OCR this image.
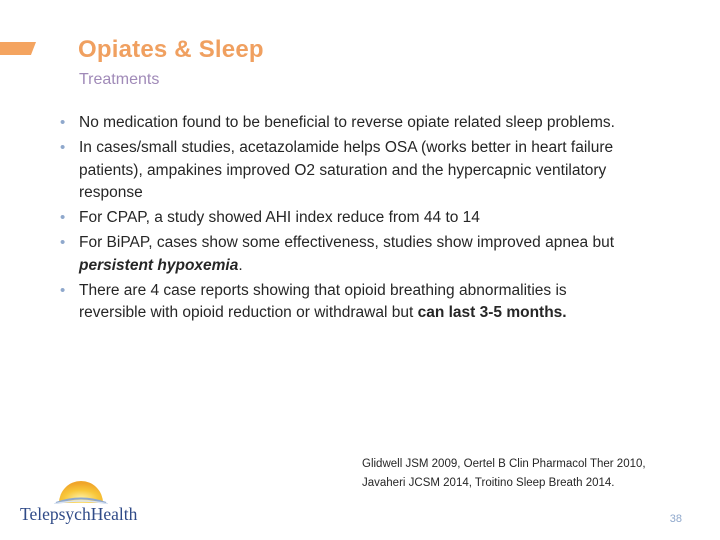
Opiates & Sleep
Treatments
• No medication found to be beneficial to reverse opiate related sleep problems.
• In cases/small studies, acetazolamide helps OSA (works better in heart failure patients), ampakines improved O2 saturation and the hypercapnic ventilatory response
• For CPAP, a study showed AHI index reduce from 44 to 14
• For BiPAP, cases show some effectiveness, studies show improved apnea but persistent hypoxemia.
• There are 4 case reports showing that opioid breathing abnormalities is reversible with opioid reduction or withdrawal but can last 3-5 months.
Glidwell JSM 2009, Oertel B Clin Pharmacol Ther 2010,
Javaheri JCSM 2014, Troitino Sleep Breath 2014.
TelepsychHealth	38
